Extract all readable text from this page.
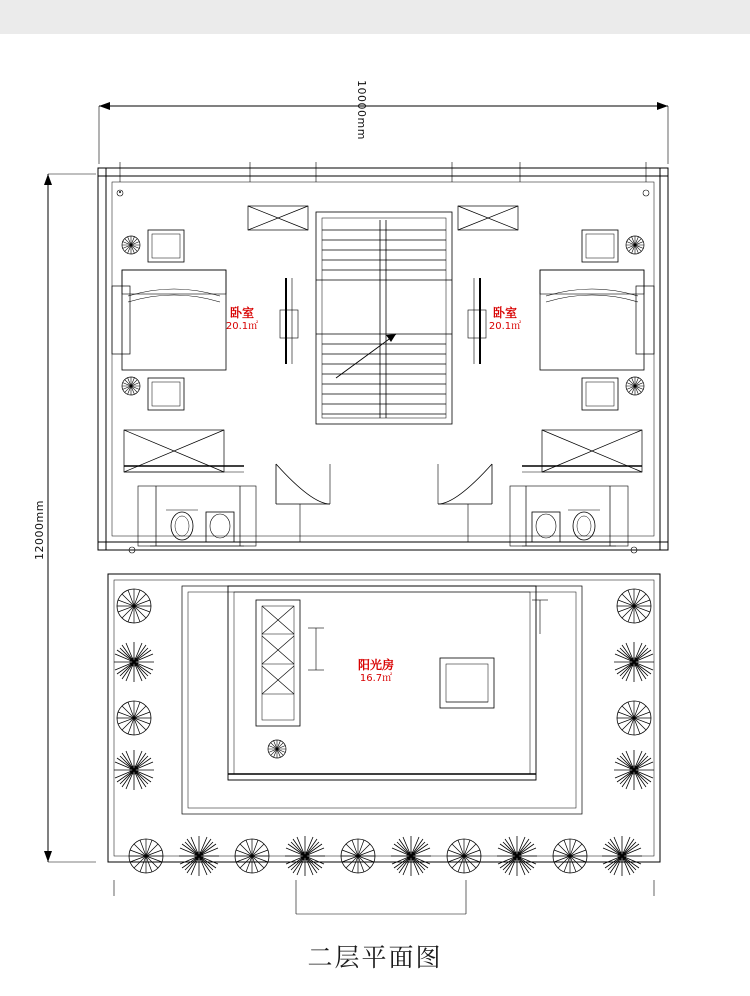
10000mm
12000mm
卧室
20.1㎡
卧室
20.1㎡
阳光房
16.7㎡
二层平面图
